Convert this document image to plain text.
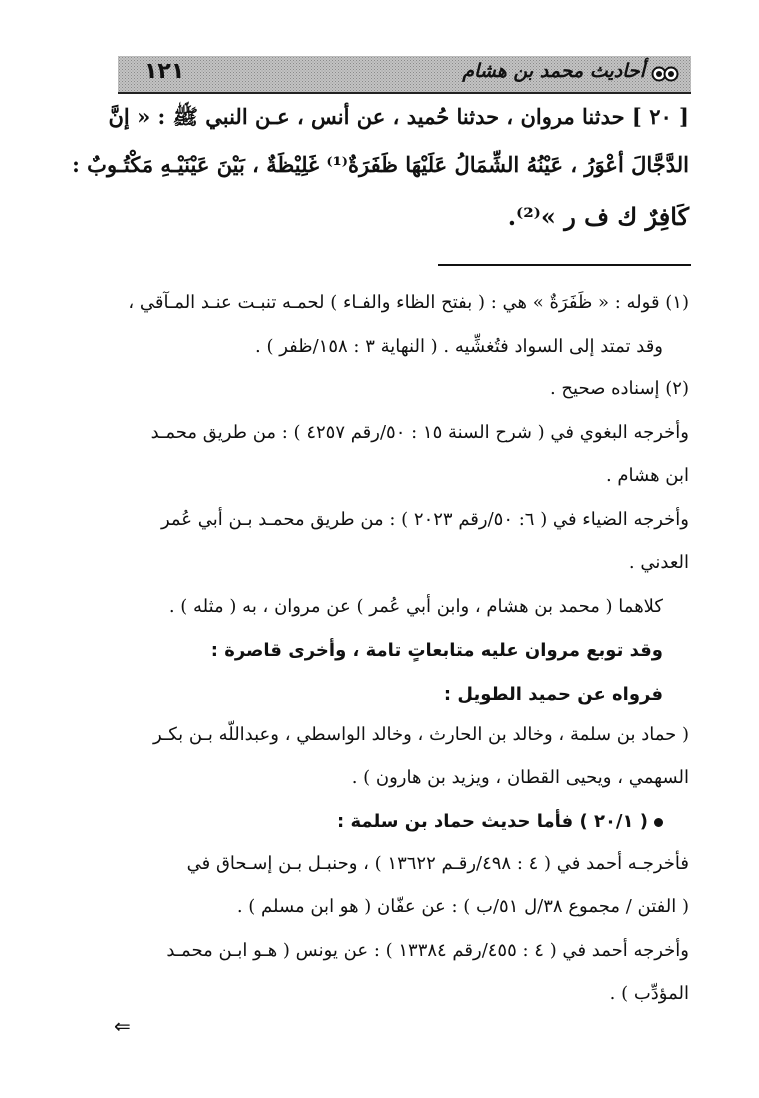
أحاديث محمد بن هشام
١٢١
[ ٢٠ ] حدثنا مروان ، حدثنا حُميد ، عن أنس ، عـن النبي ﷺ : « إنَّ
الدَّجَّالَ أعْوَرُ ، عَيْنُهُ الشِّمَالُ عَلَيْهَا ظَفَرَةٌ⁽¹⁾ غَلِيْظَةٌ ، بَيْنَ عَيْنَيْـهِ مَكْتُـوبٌ :
كَافِرٌ ك ف ر »⁽²⁾.
(١) قوله : « ظَفَرَةٌ » هي : ( بفتح الظاء والفـاء ) لحمـه تنبـت عنـد المـآقي ،
وقد تمتد إلى السواد فتُغشِّيه . ( النهاية ٣ : ١٥٨/ظفر ) .
(٢) إسناده صحيح .
وأخرجه البغوي في ( شرح السنة ١٥ : ٥٠/رقم ٤٢٥٧ ) : من طريق محمـد
ابن هشام .
وأخرجه الضياء في ( ٦: ٥٠/رقم ٢٠٢٣ ) : من طريق محمـد بـن أبي عُمر
العدني .
كلاهما ( محمد بن هشام ، وابن أبي عُمر ) عن مروان ، به ( مثله ) .
وقد توبع مروان عليه متابعاتٍ تامة ، وأخرى قاصرة :
فرواه عن حميد الطويل :
( حماد بن سلمة ، وخالد بن الحارث ، وخالد الواسطي ، وعبداللّه بـن بكـر
السهمي ، ويحيى القطان ، ويزيد بن هارون ) .
( ٢٠/١ ) فأما حديث حماد بن سلمة :
فأخرجـه أحمد في ( ٤ : ٤٩٨/رقـم ١٣٦٢٢ ) ، وحنبـل بـن إسـحاق في
( الفتن / مجموع ٣٨/ل ٥١/ب ) : عن عفّان ( هو ابن مسلم ) .
وأخرجه أحمد في ( ٤ : ٤٥٥/رقم ١٣٣٨٤ ) : عن يونس ( هـو ابـن محمـد
المؤدِّب ) .
⇐
